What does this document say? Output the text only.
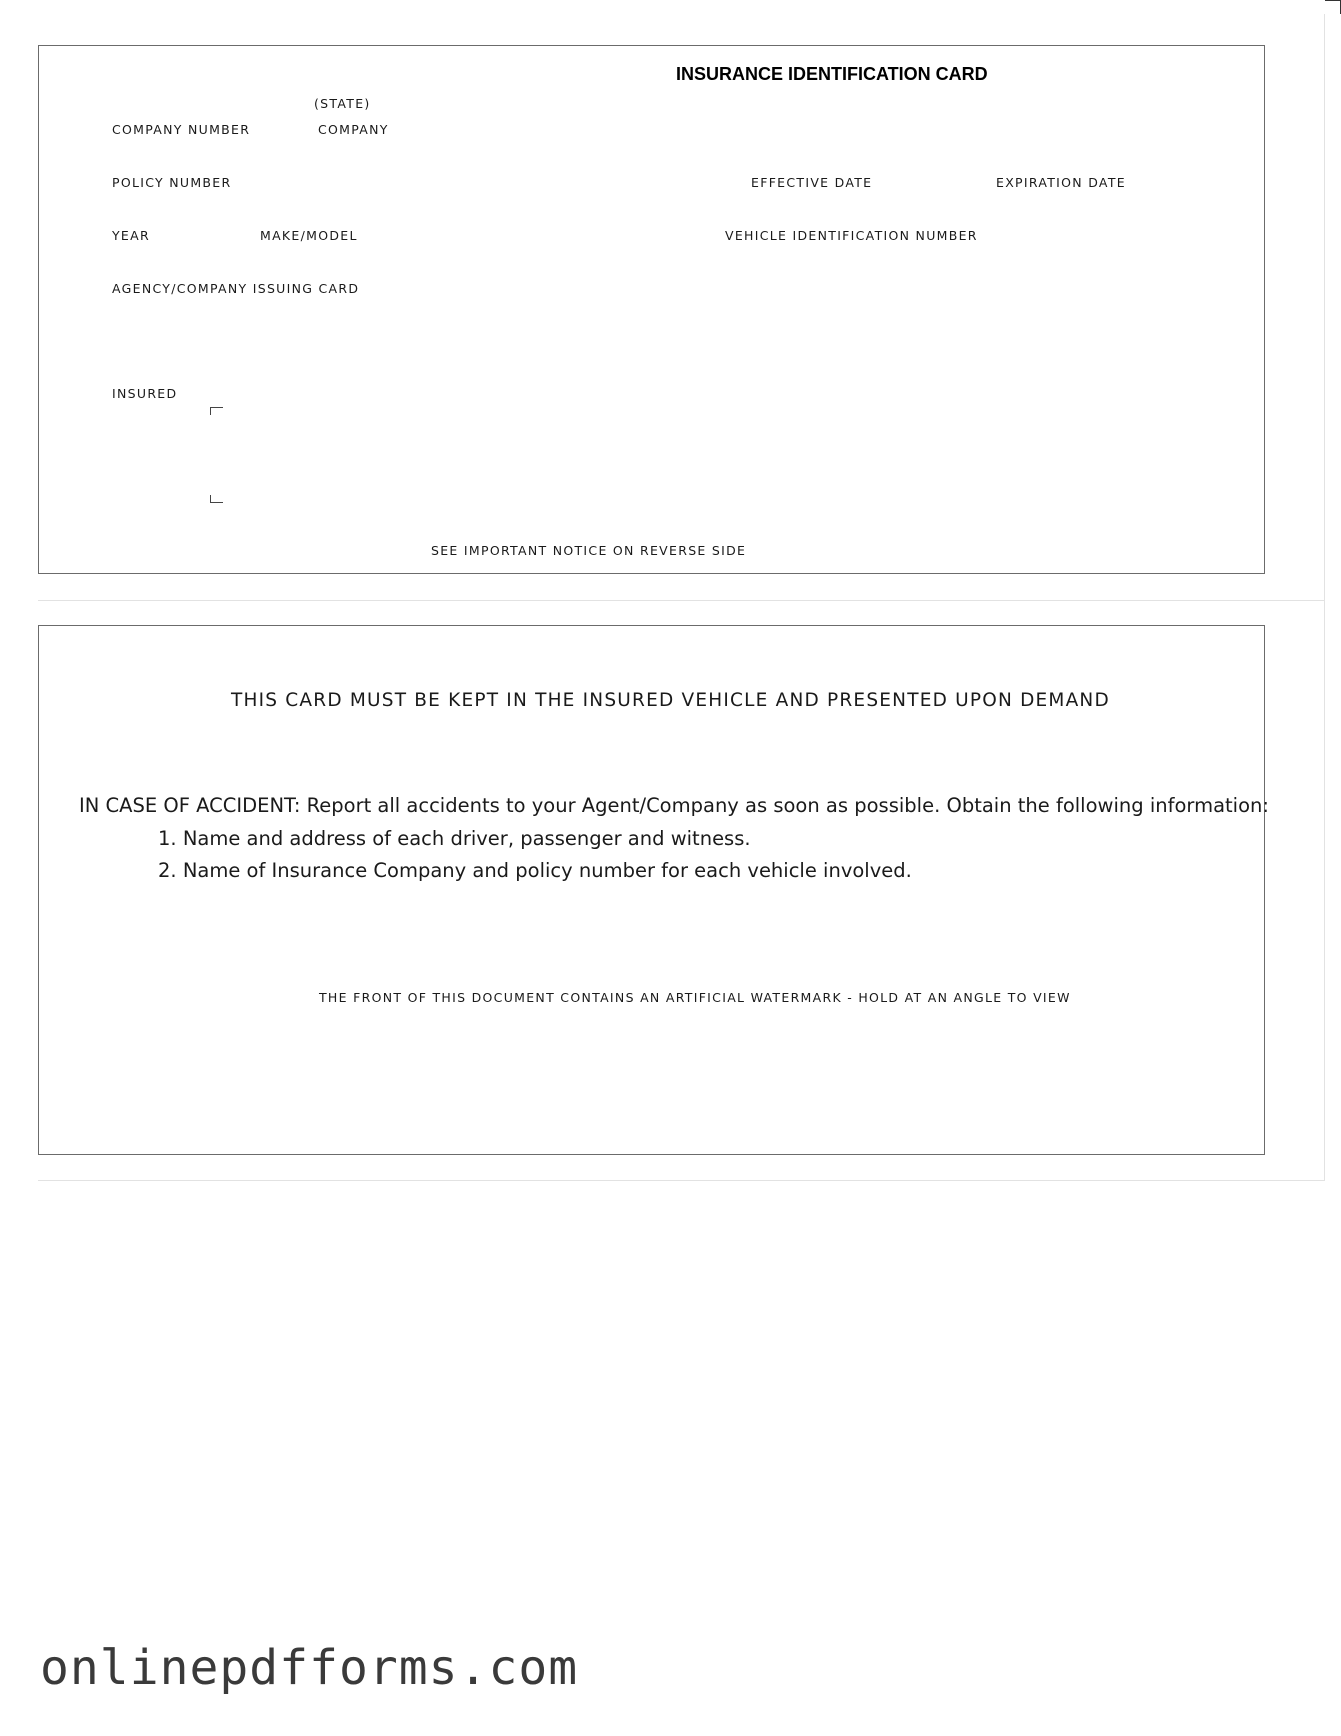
INSURANCE IDENTIFICATION CARD
(STATE)
COMPANY NUMBER	COMPANY
POLICY NUMBER	EFFECTIVE DATE	EXPIRATION DATE
YEAR	MAKE/MODEL	VEHICLE IDENTIFICATION NUMBER
AGENCY/COMPANY ISSUING CARD
INSURED
SEE IMPORTANT NOTICE ON REVERSE SIDE
THIS CARD MUST BE KEPT IN THE INSURED VEHICLE AND PRESENTED UPON DEMAND
IN CASE OF ACCIDENT: Report all accidents to your Agent/Company as soon as possible. Obtain the following information:
1. Name and address of each driver, passenger and witness.
2. Name of Insurance Company and policy number for each vehicle involved.
THE FRONT OF THIS DOCUMENT CONTAINS AN ARTIFICIAL WATERMARK - HOLD AT AN ANGLE TO VIEW
onlinepdfforms.com
